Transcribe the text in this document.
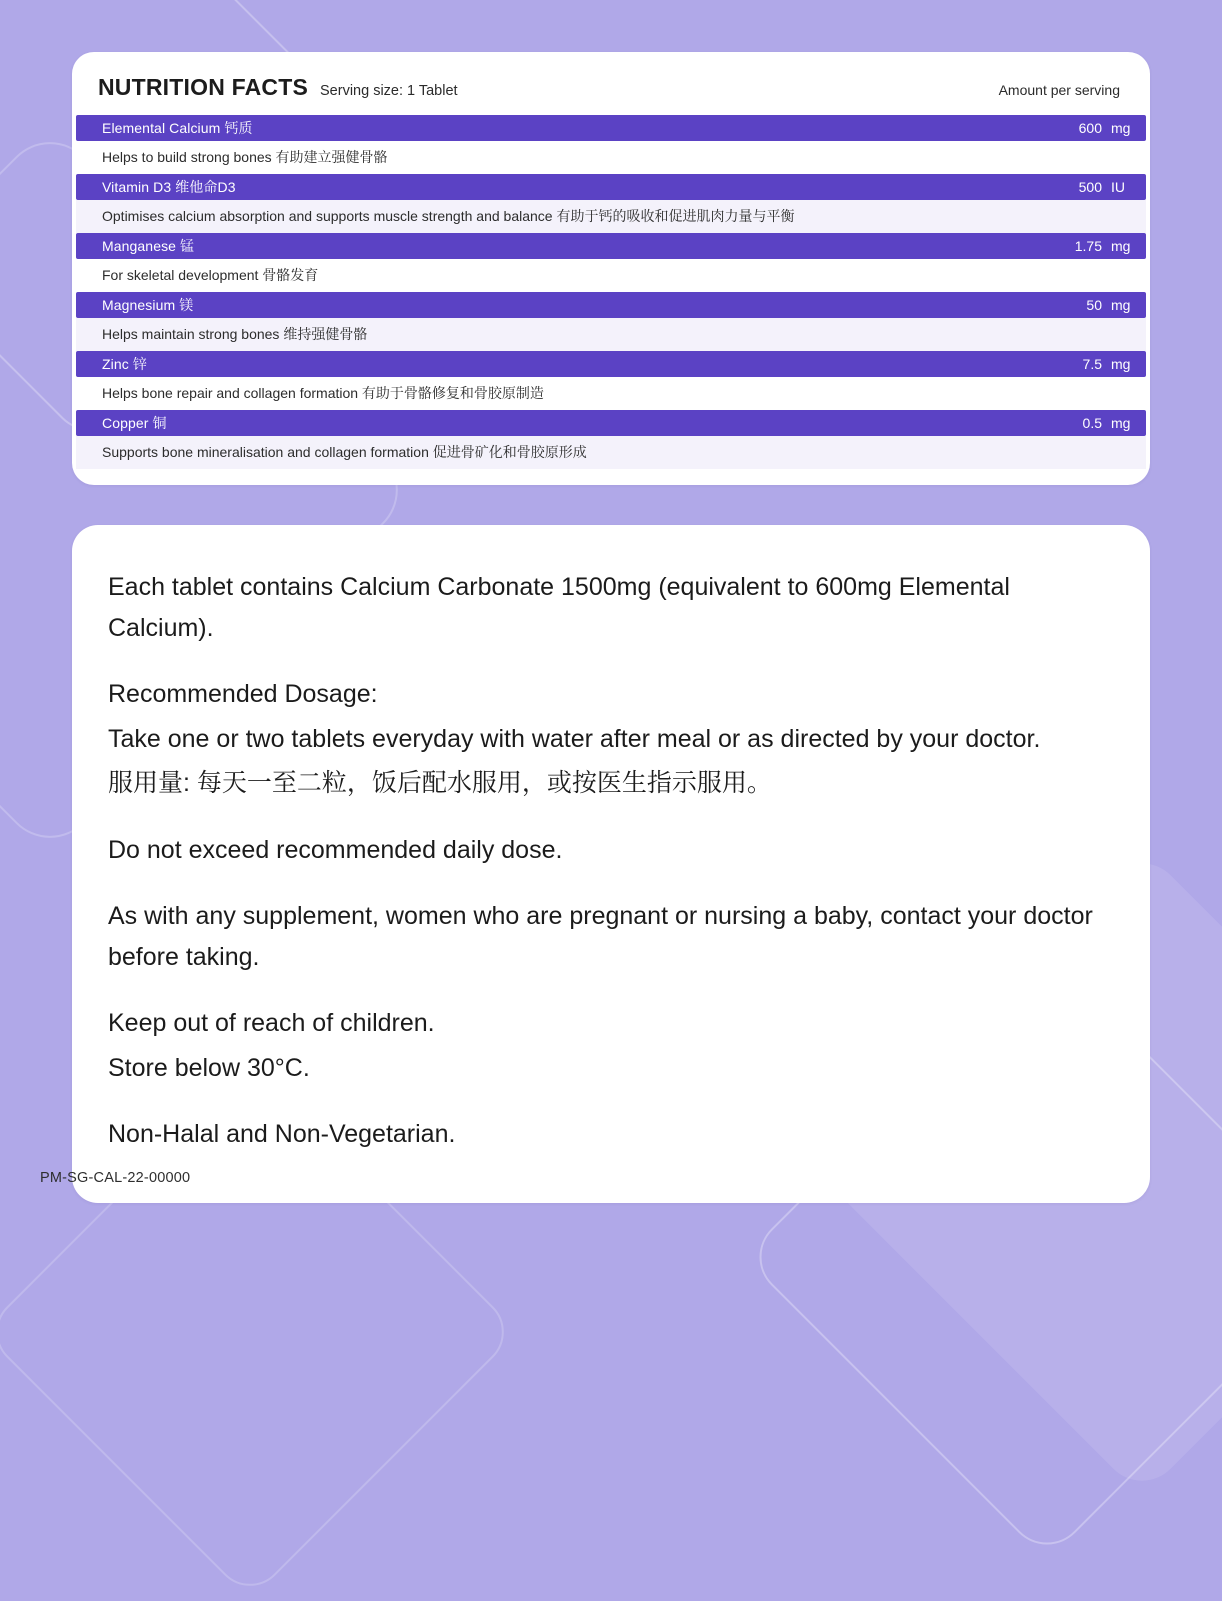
NUTRITION FACTS Serving size: 1 Tablet	Amount per serving
Elemental Calcium 钙质	600 mg
Helps to build strong bones 有助建立强健骨骼
Vitamin D3 维他命D3	500 IU
Optimises calcium absorption and supports muscle strength and balance 有助于钙的吸收和促进肌肉力量与平衡
Manganese 锰	1.75 mg
For skeletal development 骨骼发育
Magnesium 镁	50 mg
Helps maintain strong bones 维持强健骨骼
Zinc 锌	7.5 mg
Helps bone repair and collagen formation 有助于骨骼修复和骨胶原制造
Copper 铜	0.5 mg
Supports bone mineralisation and collagen formation 促进骨矿化和骨胶原形成

Each tablet contains Calcium Carbonate 1500mg (equivalent to 600mg Elemental Calcium).

Recommended Dosage:

Take one or two tablets everyday with water after meal or as directed by your doctor.

服用量: 每天一至二粒，饭后配水服用，或按医生指示服用。

Do not exceed recommended daily dose.

As with any supplement, women who are pregnant or nursing a baby, contact your doctor before taking.

Keep out of reach of children.

Store below 30°C.

Non-Halal and Non-Vegetarian.

PM-SG-CAL-22-00000
